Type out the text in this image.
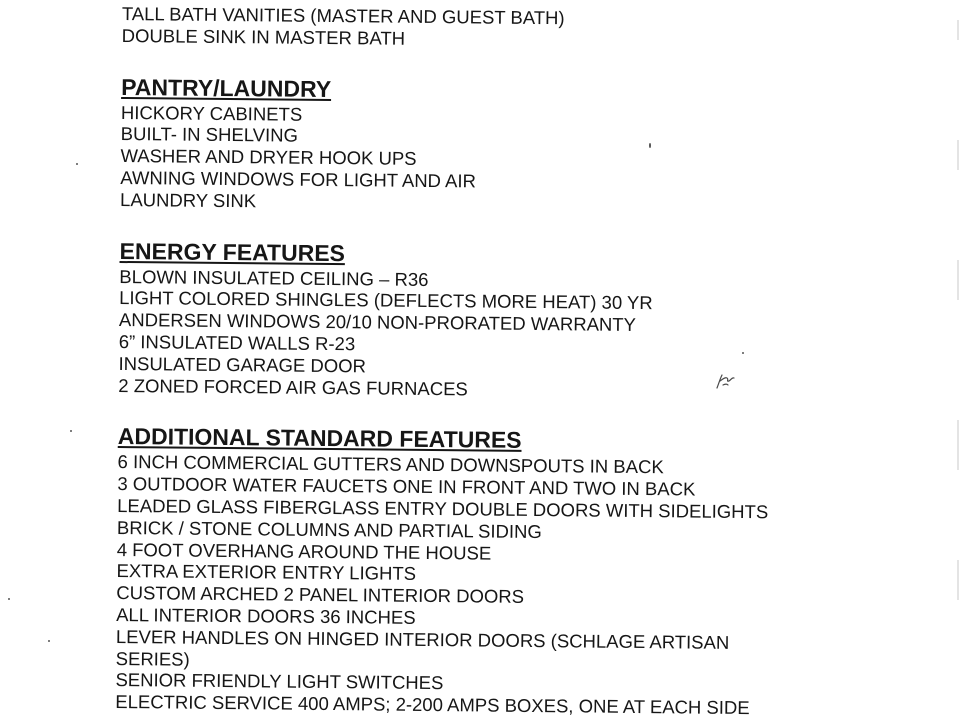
TALL BATH VANITIES (MASTER AND GUEST BATH)
DOUBLE SINK IN MASTER BATH
PANTRY/LAUNDRY
HICKORY CABINETS
BUILT- IN SHELVING
WASHER AND DRYER HOOK UPS
AWNING WINDOWS FOR LIGHT AND AIR
LAUNDRY SINK
ENERGY FEATURES
BLOWN INSULATED CEILING – R36
LIGHT COLORED SHINGLES (DEFLECTS MORE HEAT) 30 YR
ANDERSEN WINDOWS 20/10 NON-PRORATED WARRANTY
6” INSULATED WALLS R-23
INSULATED GARAGE DOOR
2 ZONED FORCED AIR GAS FURNACES
ADDITIONAL STANDARD FEATURES
6 INCH COMMERCIAL GUTTERS AND DOWNSPOUTS IN BACK
3 OUTDOOR WATER FAUCETS ONE IN FRONT AND TWO IN BACK
LEADED GLASS FIBERGLASS ENTRY DOUBLE DOORS WITH SIDELIGHTS
BRICK / STONE COLUMNS AND PARTIAL SIDING
4 FOOT OVERHANG AROUND THE HOUSE
EXTRA EXTERIOR ENTRY LIGHTS
CUSTOM ARCHED 2 PANEL INTERIOR DOORS
ALL INTERIOR DOORS 36 INCHES
LEVER HANDLES ON HINGED INTERIOR DOORS (SCHLAGE ARTISAN
SERIES)
SENIOR FRIENDLY LIGHT SWITCHES
ELECTRIC SERVICE 400 AMPS; 2-200 AMPS BOXES, ONE AT EACH SIDE
